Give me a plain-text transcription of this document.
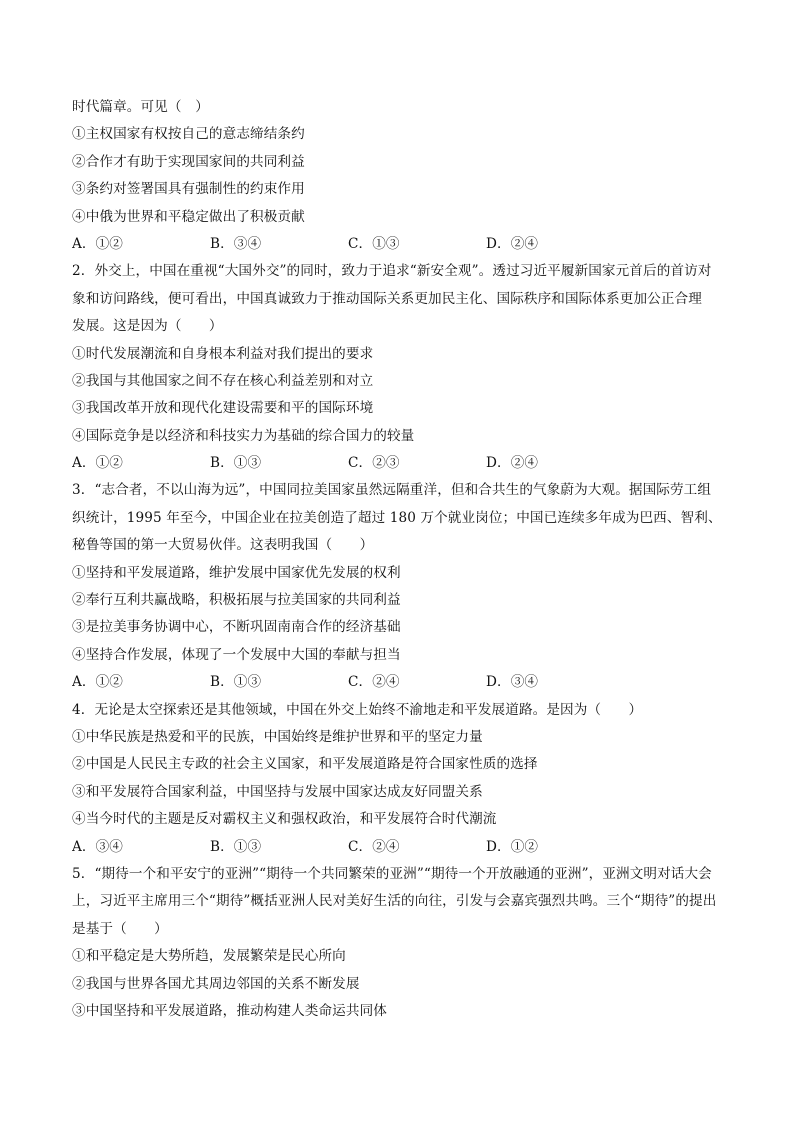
时代篇章。可见（　）
①主权国家有权按自己的意志缔结条约
②合作才有助于实现国家间的共同利益
③条约对签署国具有强制性的约束作用
④中俄为世界和平稳定做出了积极贡献
A．①②	B．③④	C．①③	D．②④
2．外交上，中国在重视“大国外交”的同时，致力于追求“新安全观”。透过习近平履新国家元首后的首访对
象和访问路线，便可看出，中国真诚致力于推动国际关系更加民主化、国际秩序和国际体系更加公正合理
发展。这是因为（　　）
①时代发展潮流和自身根本利益对我们提出的要求
②我国与其他国家之间不存在核心利益差别和对立
③我国改革开放和现代化建设需要和平的国际环境
④国际竞争是以经济和科技实力为基础的综合国力的较量
A．①②	B．①③	C．②③	D．②④
3．“志合者，不以山海为远”，中国同拉美国家虽然远隔重洋，但和合共生的气象蔚为大观。据国际劳工组
织统计，1995 年至今，中国企业在拉美创造了超过 180 万个就业岗位；中国已连续多年成为巴西、智利、
秘鲁等国的第一大贸易伙伴。这表明我国（　　）
①坚持和平发展道路，维护发展中国家优先发展的权利
②奉行互利共赢战略，积极拓展与拉美国家的共同利益
③是拉美事务协调中心，不断巩固南南合作的经济基础
④坚持合作发展，体现了一个发展中大国的奉献与担当
A．①②	B．①③	C．②④	D．③④
4．无论是太空探索还是其他领域，中国在外交上始终不渝地走和平发展道路。是因为（　　）
①中华民族是热爱和平的民族，中国始终是维护世界和平的坚定力量
②中国是人民民主专政的社会主义国家，和平发展道路是符合国家性质的选择
③和平发展符合国家利益，中国坚持与发展中国家达成友好同盟关系
④当今时代的主题是反对霸权主义和强权政治，和平发展符合时代潮流
A．③④	B．①③	C．②④	D．①②
5．“期待一个和平安宁的亚洲”“期待一个共同繁荣的亚洲”“期待一个开放融通的亚洲”，亚洲文明对话大会
上，习近平主席用三个“期待”概括亚洲人民对美好生活的向往，引发与会嘉宾强烈共鸣。三个“期待”的提出
是基于（　　）
①和平稳定是大势所趋，发展繁荣是民心所向
②我国与世界各国尤其周边邻国的关系不断发展
③中国坚持和平发展道路，推动构建人类命运共同体
